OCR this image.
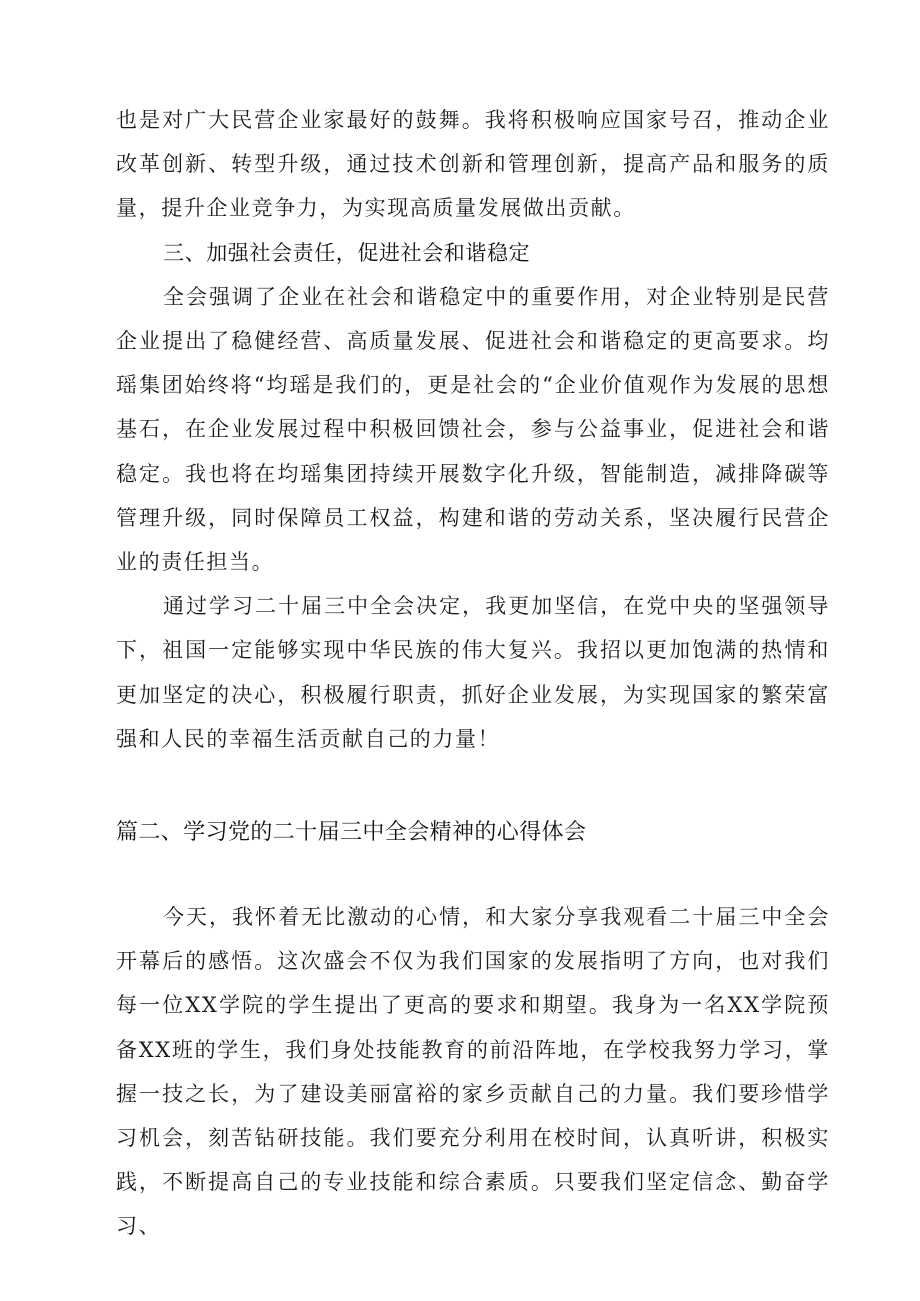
也是对广大民营企业家最好的鼓舞。我将积极响应国家号召，推动企业改革创新、转型升级，通过技术创新和管理创新，提高产品和服务的质量，提升企业竞争力，为实现高质量发展做出贡献。

三、加强社会责任，促进社会和谐稳定

全会强调了企业在社会和谐稳定中的重要作用，对企业特别是民营企业提出了稳健经营、高质量发展、促进社会和谐稳定的更高要求。均瑶集团始终将“均瑶是我们的，更是社会的“企业价值观作为发展的思想基石，在企业发展过程中积极回馈社会，参与公益事业，促进社会和谐稳定。我也将在均瑶集团持续开展数字化升级，智能制造，减排降碳等管理升级，同时保障员工权益，构建和谐的劳动关系，坚决履行民营企业的责任担当。

通过学习二十届三中全会决定，我更加坚信，在党中央的坚强领导下，祖国一定能够实现中华民族的伟大复兴。我招以更加饱满的热情和更加坚定的决心，积极履行职责，抓好企业发展，为实现国家的繁荣富强和人民的幸福生活贡献自己的力量！

篇二、学习党的二十届三中全会精神的心得体会

今天，我怀着无比激动的心情，和大家分享我观看二十届三中全会开幕后的感悟。这次盛会不仅为我们国家的发展指明了方向，也对我们每一位XX学院的学生提出了更高的要求和期望。我身为一名XX学院预备XX班的学生，我们身处技能教育的前沿阵地，在学校我努力学习，掌握一技之长，为了建设美丽富裕的家乡贡献自己的力量。我们要珍惜学习机会，刻苦钻研技能。我们要充分利用在校时间，认真听讲，积极实践，不断提高自己的专业技能和综合素质。只要我们坚定信念、勤奋学习、
